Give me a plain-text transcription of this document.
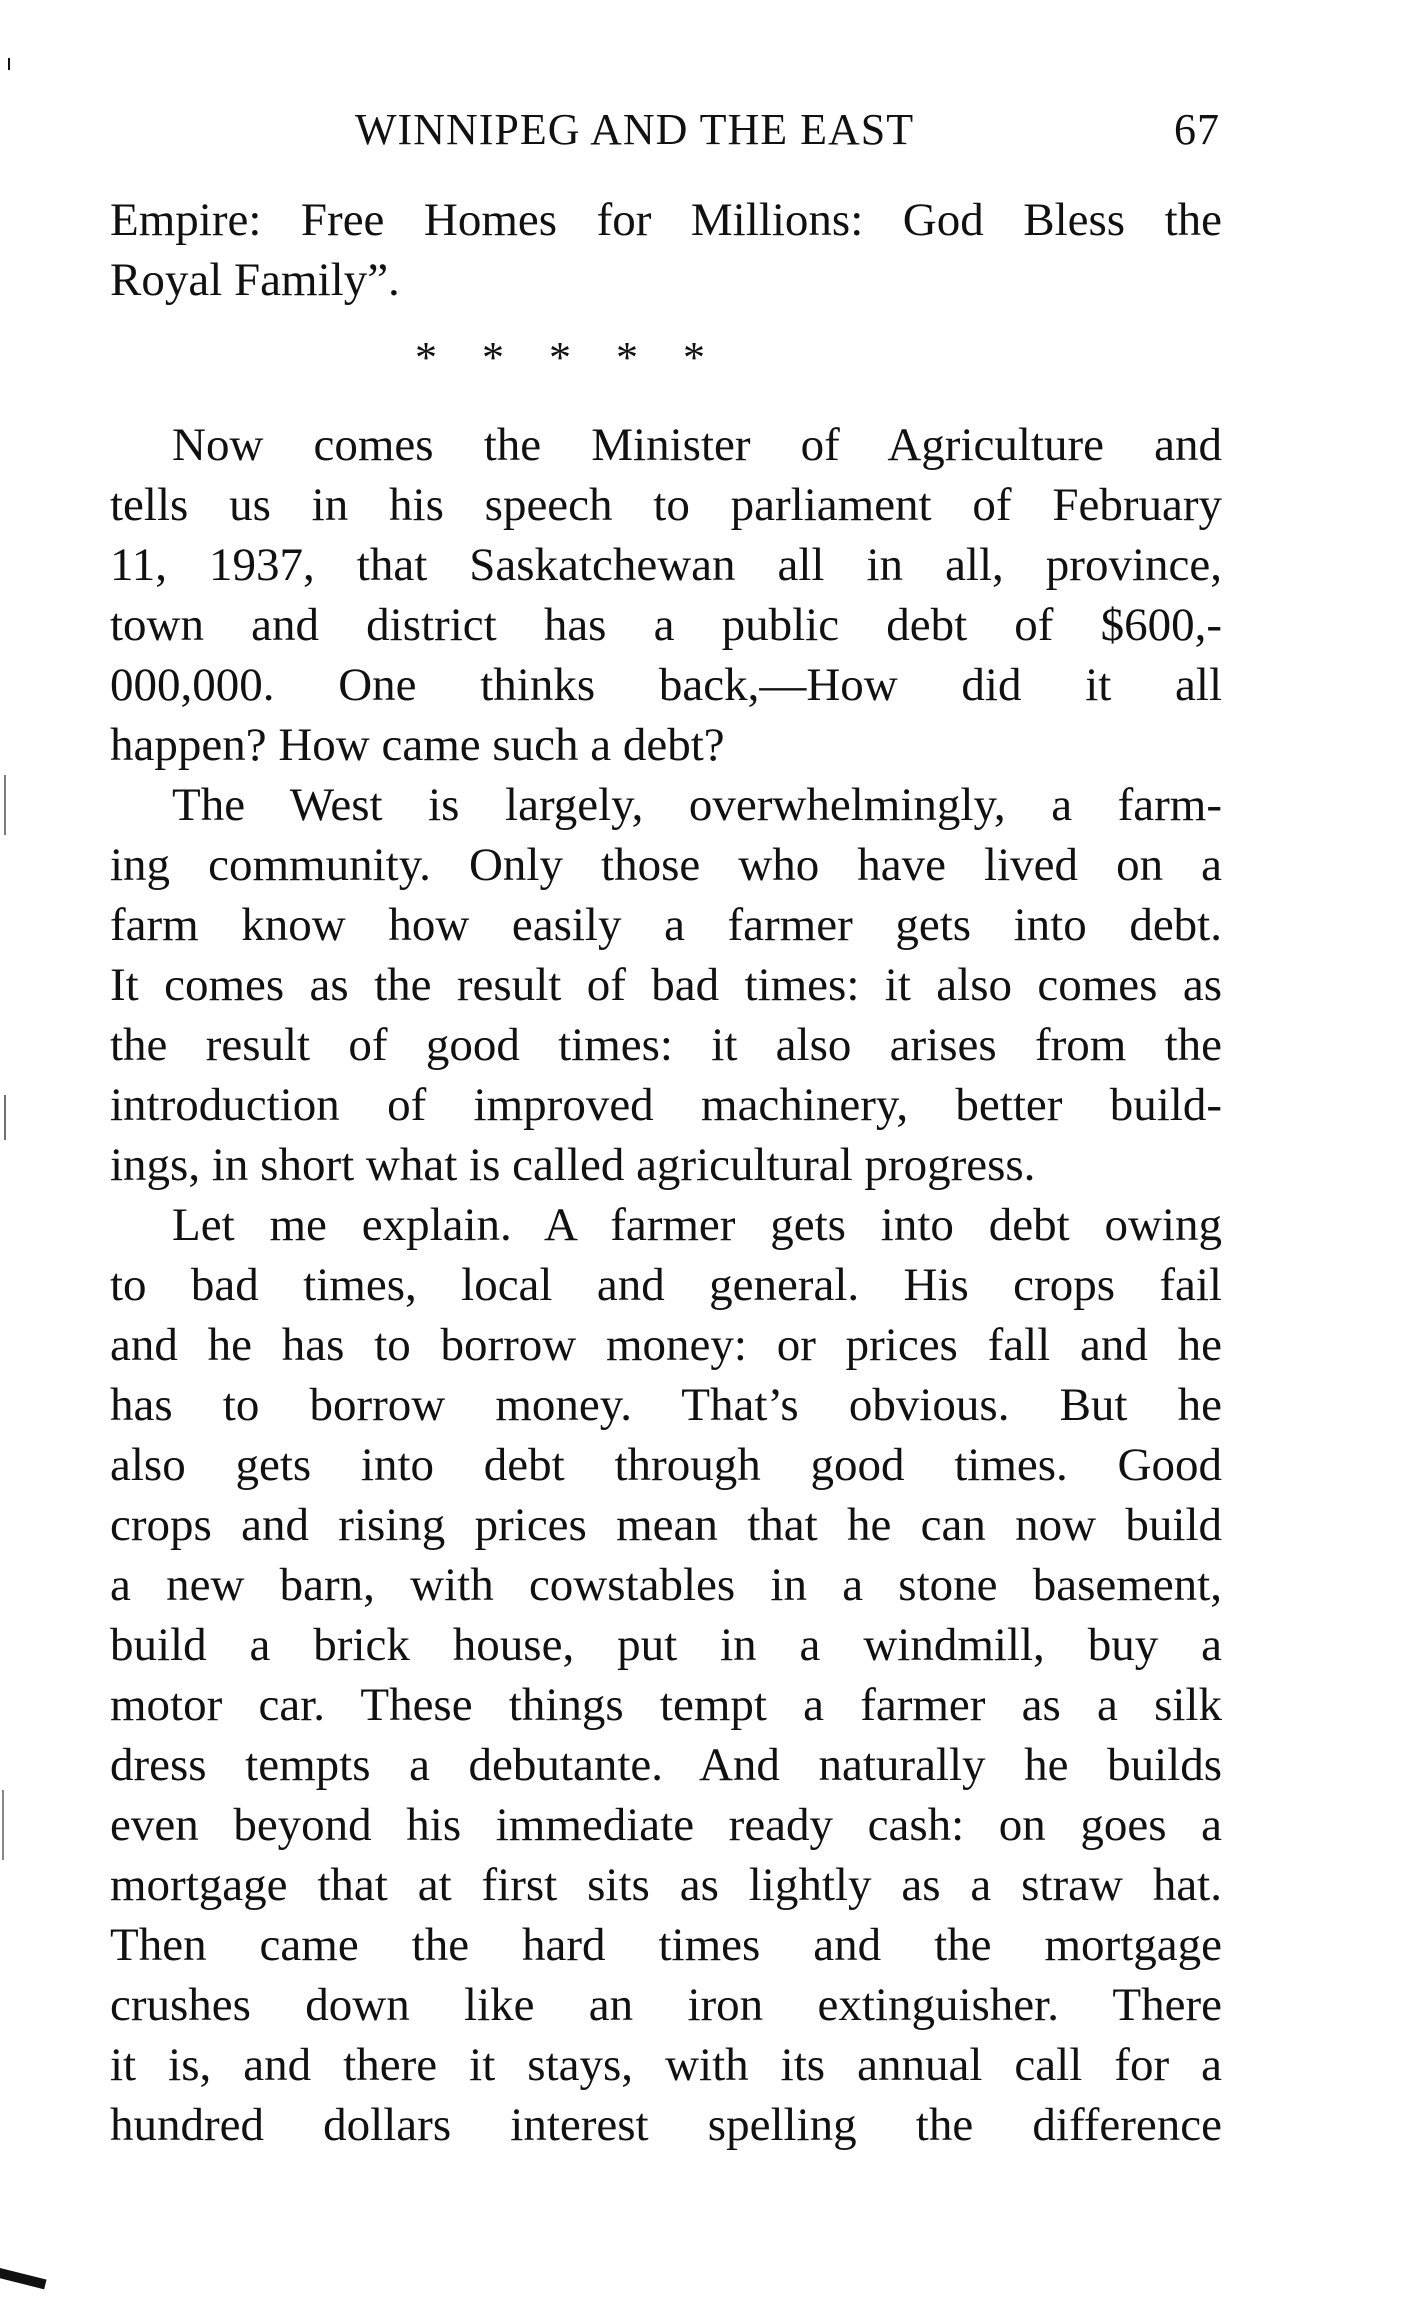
WINNIPEG AND THE EAST	67
Empire: Free Homes for Millions: God Bless the
Royal Family”.
* * * * *
Now comes the Minister of Agriculture and
tells us in his speech to parliament of February
11, 1937, that Saskatchewan all in all, province,
town and district has a public debt of $600,-
000,000. One thinks back,—How did it all
happen? How came such a debt?
The West is largely, overwhelmingly, a farm-
ing community. Only those who have lived on a
farm know how easily a farmer gets into debt.
It comes as the result of bad times: it also comes as
the result of good times: it also arises from the
introduction of improved machinery, better build-
ings, in short what is called agricultural progress.
Let me explain. A farmer gets into debt owing
to bad times, local and general. His crops fail
and he has to borrow money: or prices fall and he
has to borrow money. That’s obvious. But he
also gets into debt through good times. Good
crops and rising prices mean that he can now build
a new barn, with cowstables in a stone basement,
build a brick house, put in a windmill, buy a
motor car. These things tempt a farmer as a silk
dress tempts a debutante. And naturally he builds
even beyond his immediate ready cash: on goes a
mortgage that at first sits as lightly as a straw hat.
Then came the hard times and the mortgage
crushes down like an iron extinguisher. There
it is, and there it stays, with its annual call for a
hundred dollars interest spelling the difference
